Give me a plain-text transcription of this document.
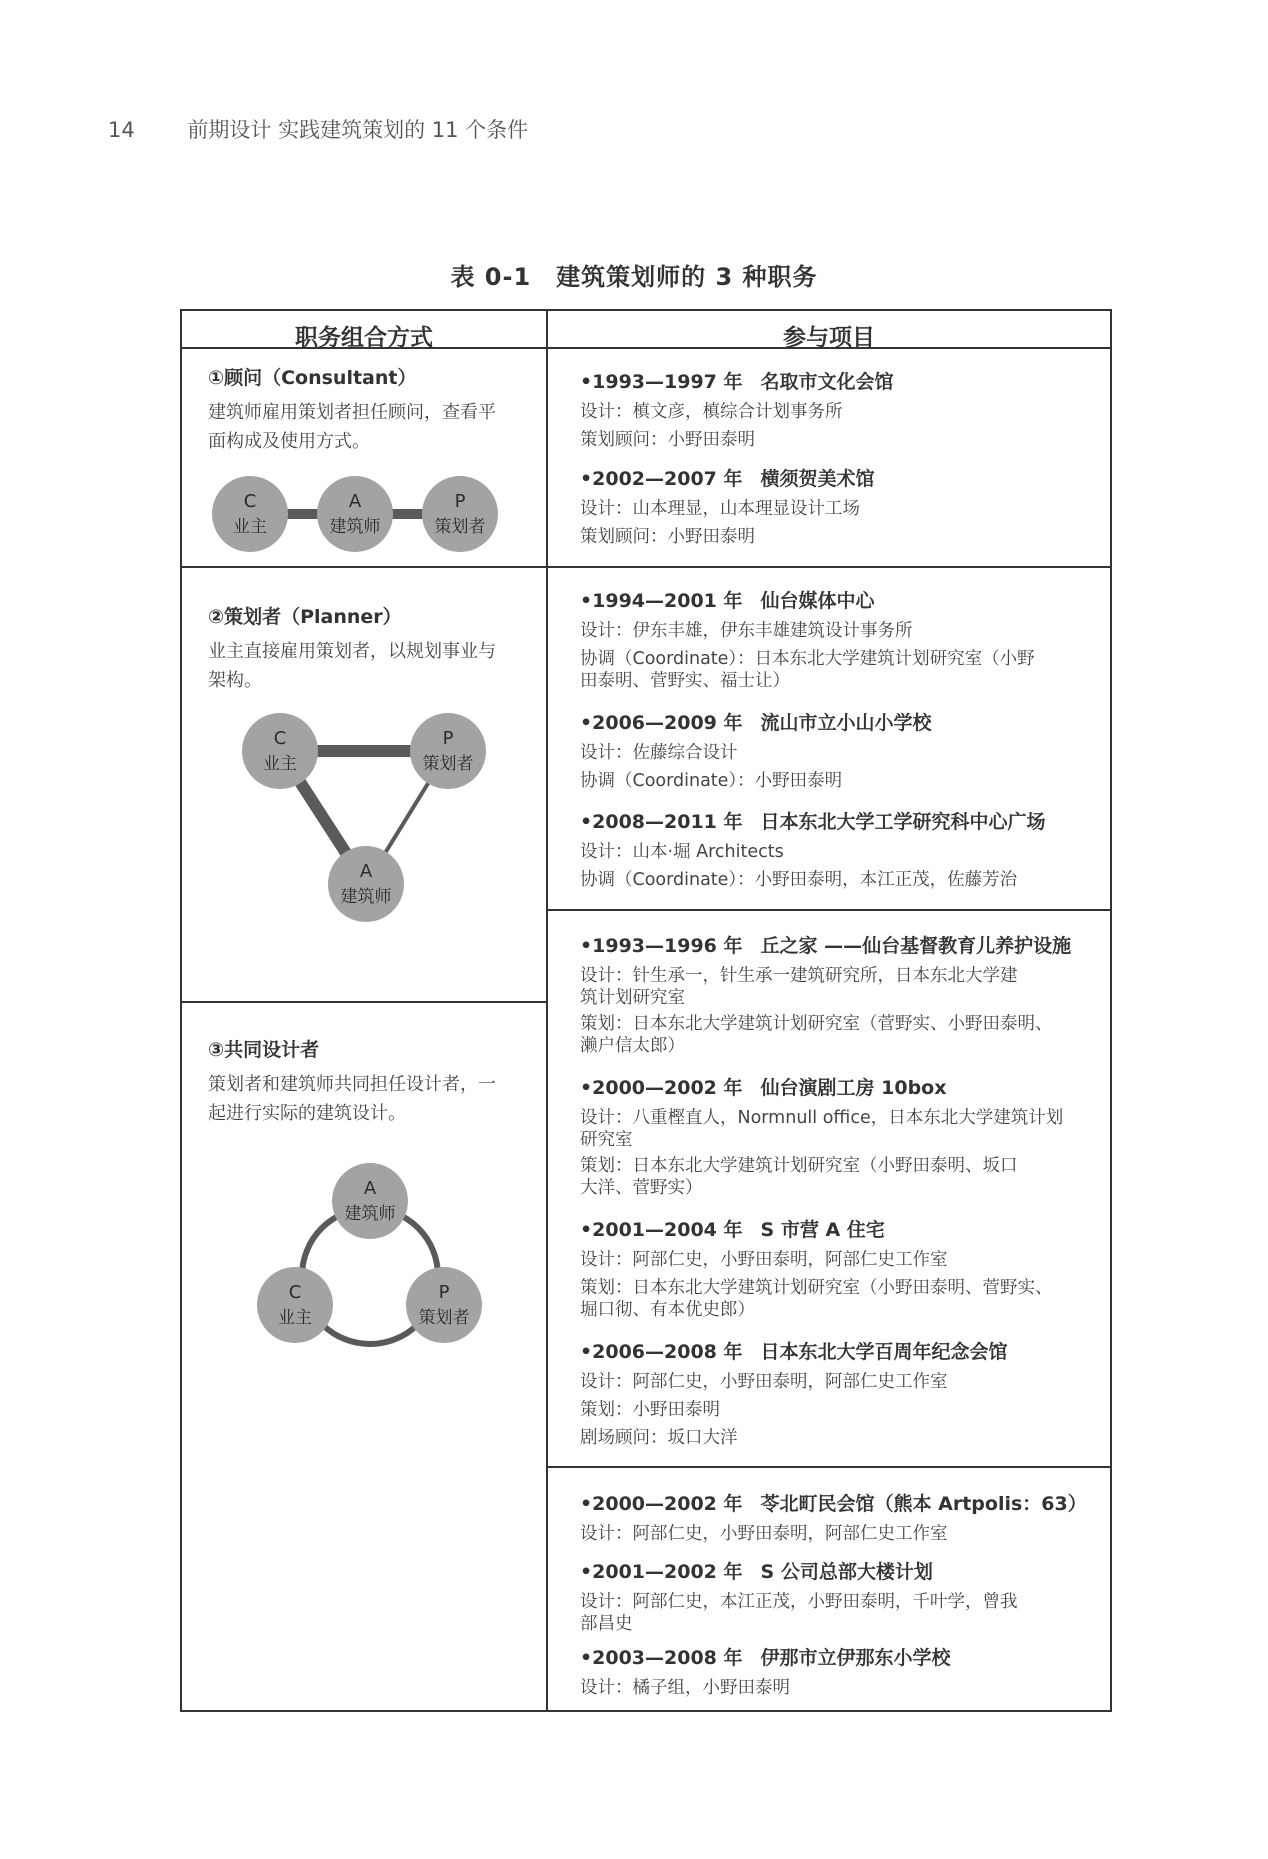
14	前期设计 实践建筑策划的 11 个条件
表 0-1　建筑策划师的 3 种职务
职务组合方式	参与项目
①顾问（Consultant）
建筑师雇用策划者担任顾问，查看平
面构成及使用方式。
C
业主
A
建筑师
P
策划者
②策划者（Planner）
业主直接雇用策划者，以规划事业与
架构。
C
业主
P
策划者
A
建筑师
③共同设计者
策划者和建筑师共同担任设计者，一
起进行实际的建筑设计。
A
建筑师
C
业主
P
策划者
•1993—1997 年 名取市文化会馆
设计：槙文彦，槙综合计划事务所
策划顾问：小野田泰明
•2002—2007 年 横须贺美术馆
设计：山本理显，山本理显设计工场
策划顾问：小野田泰明
•1994—2001 年 仙台媒体中心
设计：伊东丰雄，伊东丰雄建筑设计事务所
协调（Coordinate）：日本东北大学建筑计划研究室（小野
田泰明、菅野实、福士让）
•2006—2009 年 流山市立小山小学校
设计：佐藤综合设计
协调（Coordinate）：小野田泰明
•2008—2011 年 日本东北大学工学研究科中心广场
设计：山本·堀 Architects
协调（Coordinate）：小野田泰明，本江正茂，佐藤芳治
•1993—1996 年 丘之家 ——仙台基督教育儿养护设施
设计：针生承一，针生承一建筑研究所，日本东北大学建
筑计划研究室
策划：日本东北大学建筑计划研究室（菅野实、小野田泰明、
濑户信太郎）
•2000—2002 年 仙台演剧工房 10box
设计：八重樫直人，Normnull office，日本东北大学建筑计划
研究室
策划：日本东北大学建筑计划研究室（小野田泰明、坂口
大洋、菅野实）
•2001—2004 年 S 市营 A 住宅
设计：阿部仁史，小野田泰明，阿部仁史工作室
策划：日本东北大学建筑计划研究室（小野田泰明、菅野实、
堀口彻、有本优史郎）
•2006—2008 年 日本东北大学百周年纪念会馆
设计：阿部仁史，小野田泰明，阿部仁史工作室
策划：小野田泰明
剧场顾问：坂口大洋
•2000—2002 年 苓北町民会馆（熊本 Artpolis：63）
设计：阿部仁史，小野田泰明，阿部仁史工作室
•2001—2002 年 S 公司总部大楼计划
设计：阿部仁史，本江正茂，小野田泰明，千叶学，曾我
部昌史
•2003—2008 年 伊那市立伊那东小学校
设计：橘子组，小野田泰明
